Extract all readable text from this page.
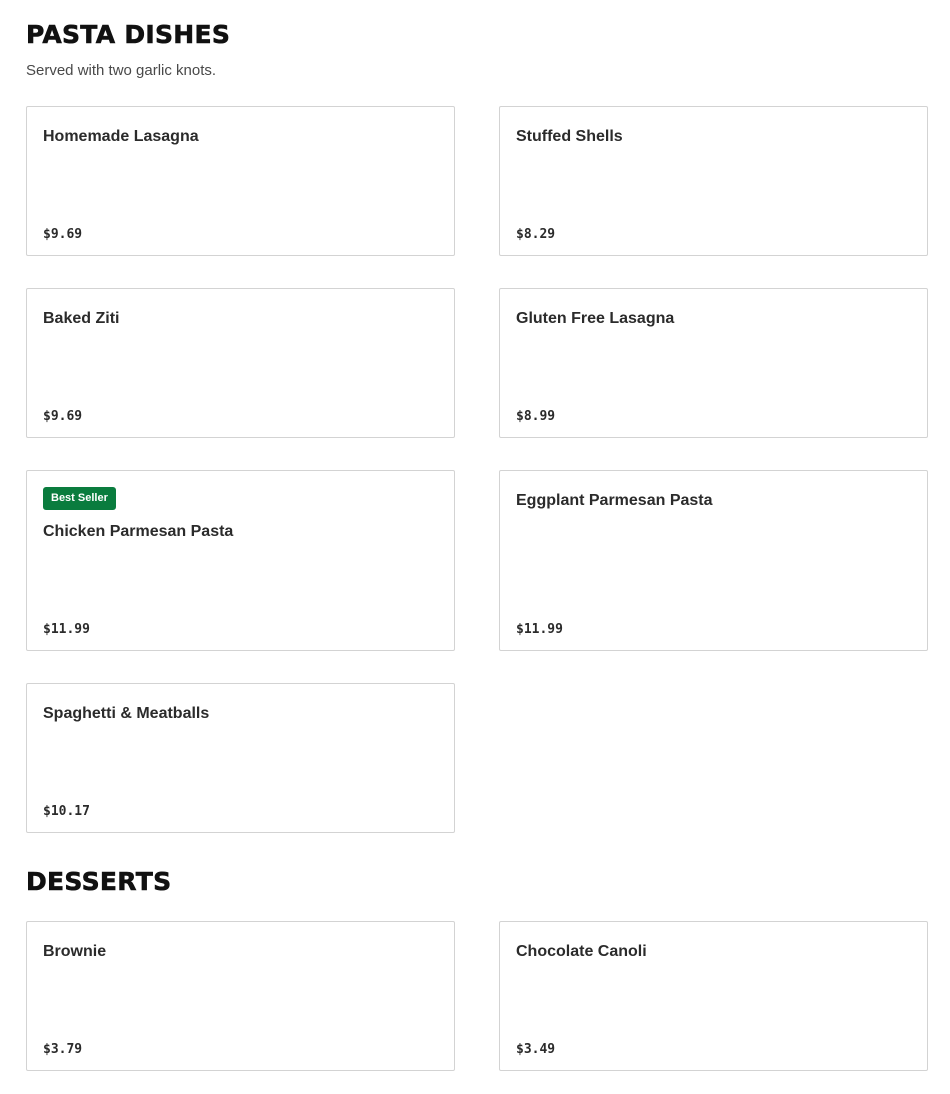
PASTA DISHES

Served with two garlic knots.

Homemade Lasagna
$9.69
Stuffed Shells
$8.29
Baked Ziti
$9.69
Gluten Free Lasagna
$8.99
Best Seller
Chicken Parmesan Pasta
$11.99
Eggplant Parmesan Pasta
$11.99
Spaghetti & Meatballs
$10.17
DESSERTS
Brownie
$3.79
Chocolate Canoli
$3.49
